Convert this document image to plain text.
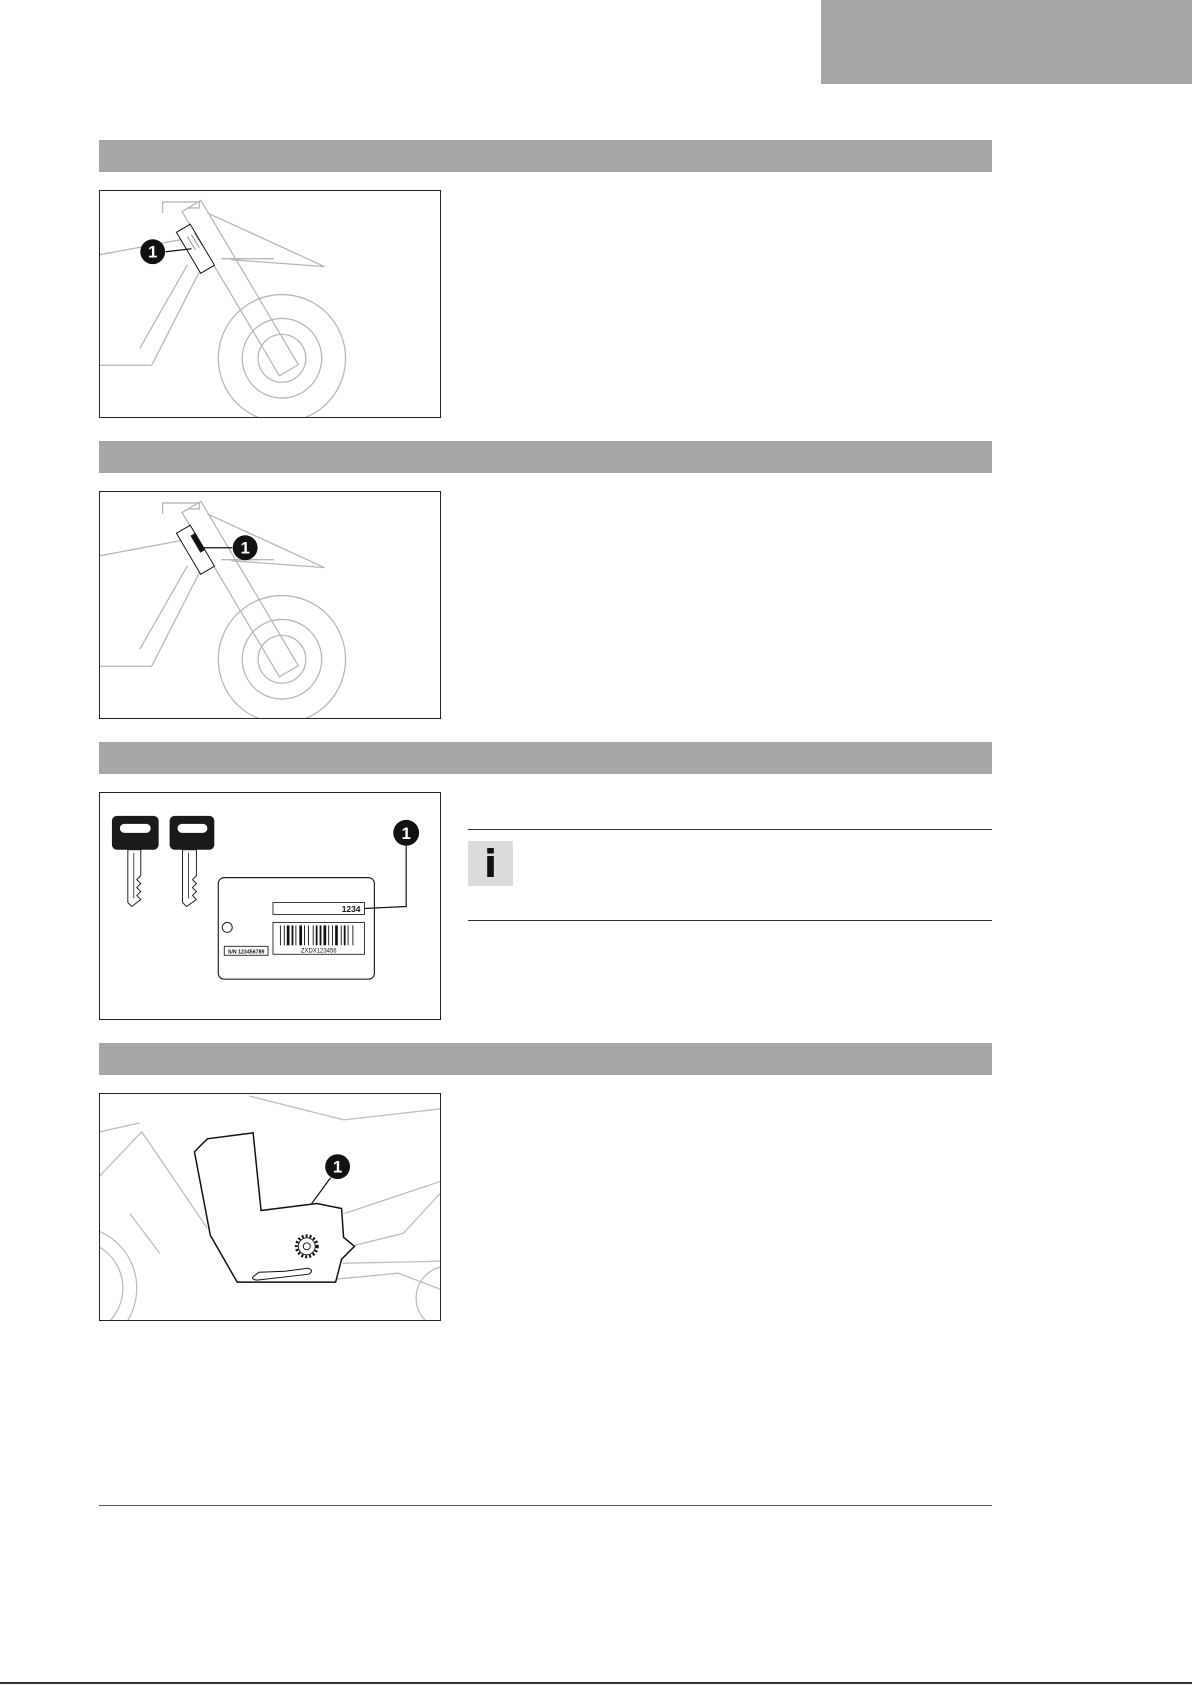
1
1
1234
ZXDX123456
S/N 123456789
1
i
1
